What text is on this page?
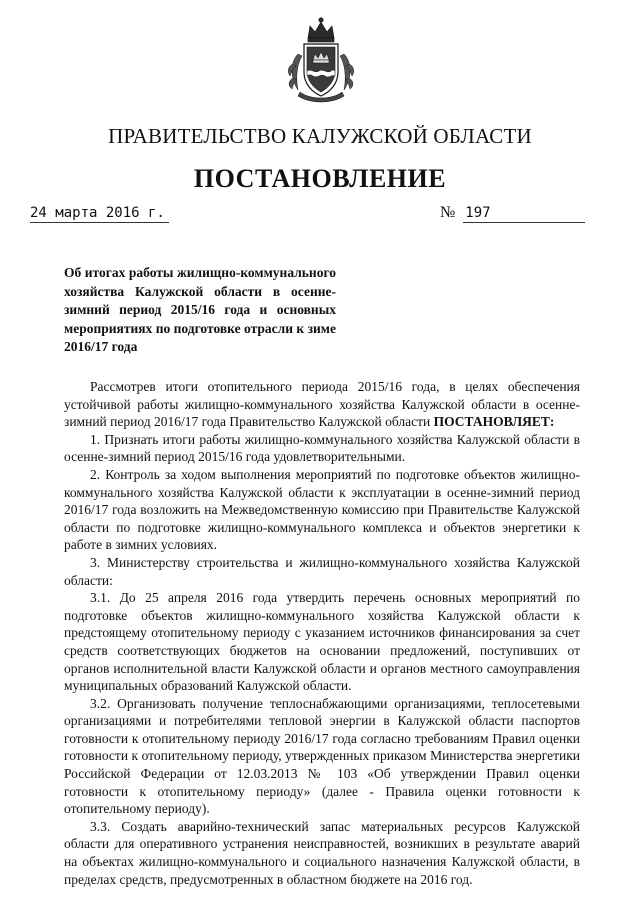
ПРАВИТЕЛЬСТВО КАЛУЖСКОЙ ОБЛАСТИ
ПОСТАНОВЛЕНИЕ
24 марта 2016 г.	№ 197
Об итогах работы жилищно-коммунального хозяйства Калужской области в осенне-зимний период 2015/16 года и основных мероприятиях по подготовке отрасли к зиме 2016/17 года

Рассмотрев итоги отопительного периода 2015/16 года, в целях обеспечения устойчивой работы жилищно-коммунального хозяйства Калужской области в осенне-зимний период 2016/17 года Правительство Калужской области ПОСТАНОВЛЯЕТ:

1. Признать итоги работы жилищно-коммунального хозяйства Калужской области в осенне-зимний период 2015/16 года удовлетворительными.

2. Контроль за ходом выполнения мероприятий по подготовке объектов жилищно-коммунального хозяйства Калужской области к эксплуатации в осенне-зимний период 2016/17 года возложить на Межведомственную комиссию при Правительстве Калужской области по подготовке жилищно-коммунального комплекса и объектов энергетики к работе в зимних условиях.

3. Министерству строительства и жилищно-коммунального хозяйства Калужской области:

3.1. До 25 апреля 2016 года утвердить перечень основных мероприятий по подготовке объектов жилищно-коммунального хозяйства Калужской области к предстоящему отопительному периоду с указанием источников финансирования за счет средств соответствующих бюджетов на основании предложений, поступивших от органов исполнительной власти Калужской области и органов местного самоуправления муниципальных образований Калужской области.

3.2. Организовать получение теплоснабжающими организациями, теплосетевыми организациями и потребителями тепловой энергии в Калужской области паспортов готовности к отопительному периоду 2016/17 года согласно требованиям Правил оценки готовности к отопительному периоду, утвержденных приказом Министерства энергетики Российской Федерации от 12.03.2013 № 103 «Об утверждении Правил оценки готовности к отопительному периоду» (далее - Правила оценки готовности к отопительному периоду).

3.3. Создать аварийно-технический запас материальных ресурсов Калужской области для оперативного устранения неисправностей, возникших в результате аварий на объектах жилищно-коммунального и социального назначения Калужской области, в пределах средств, предусмотренных в областном бюджете на 2016 год.
